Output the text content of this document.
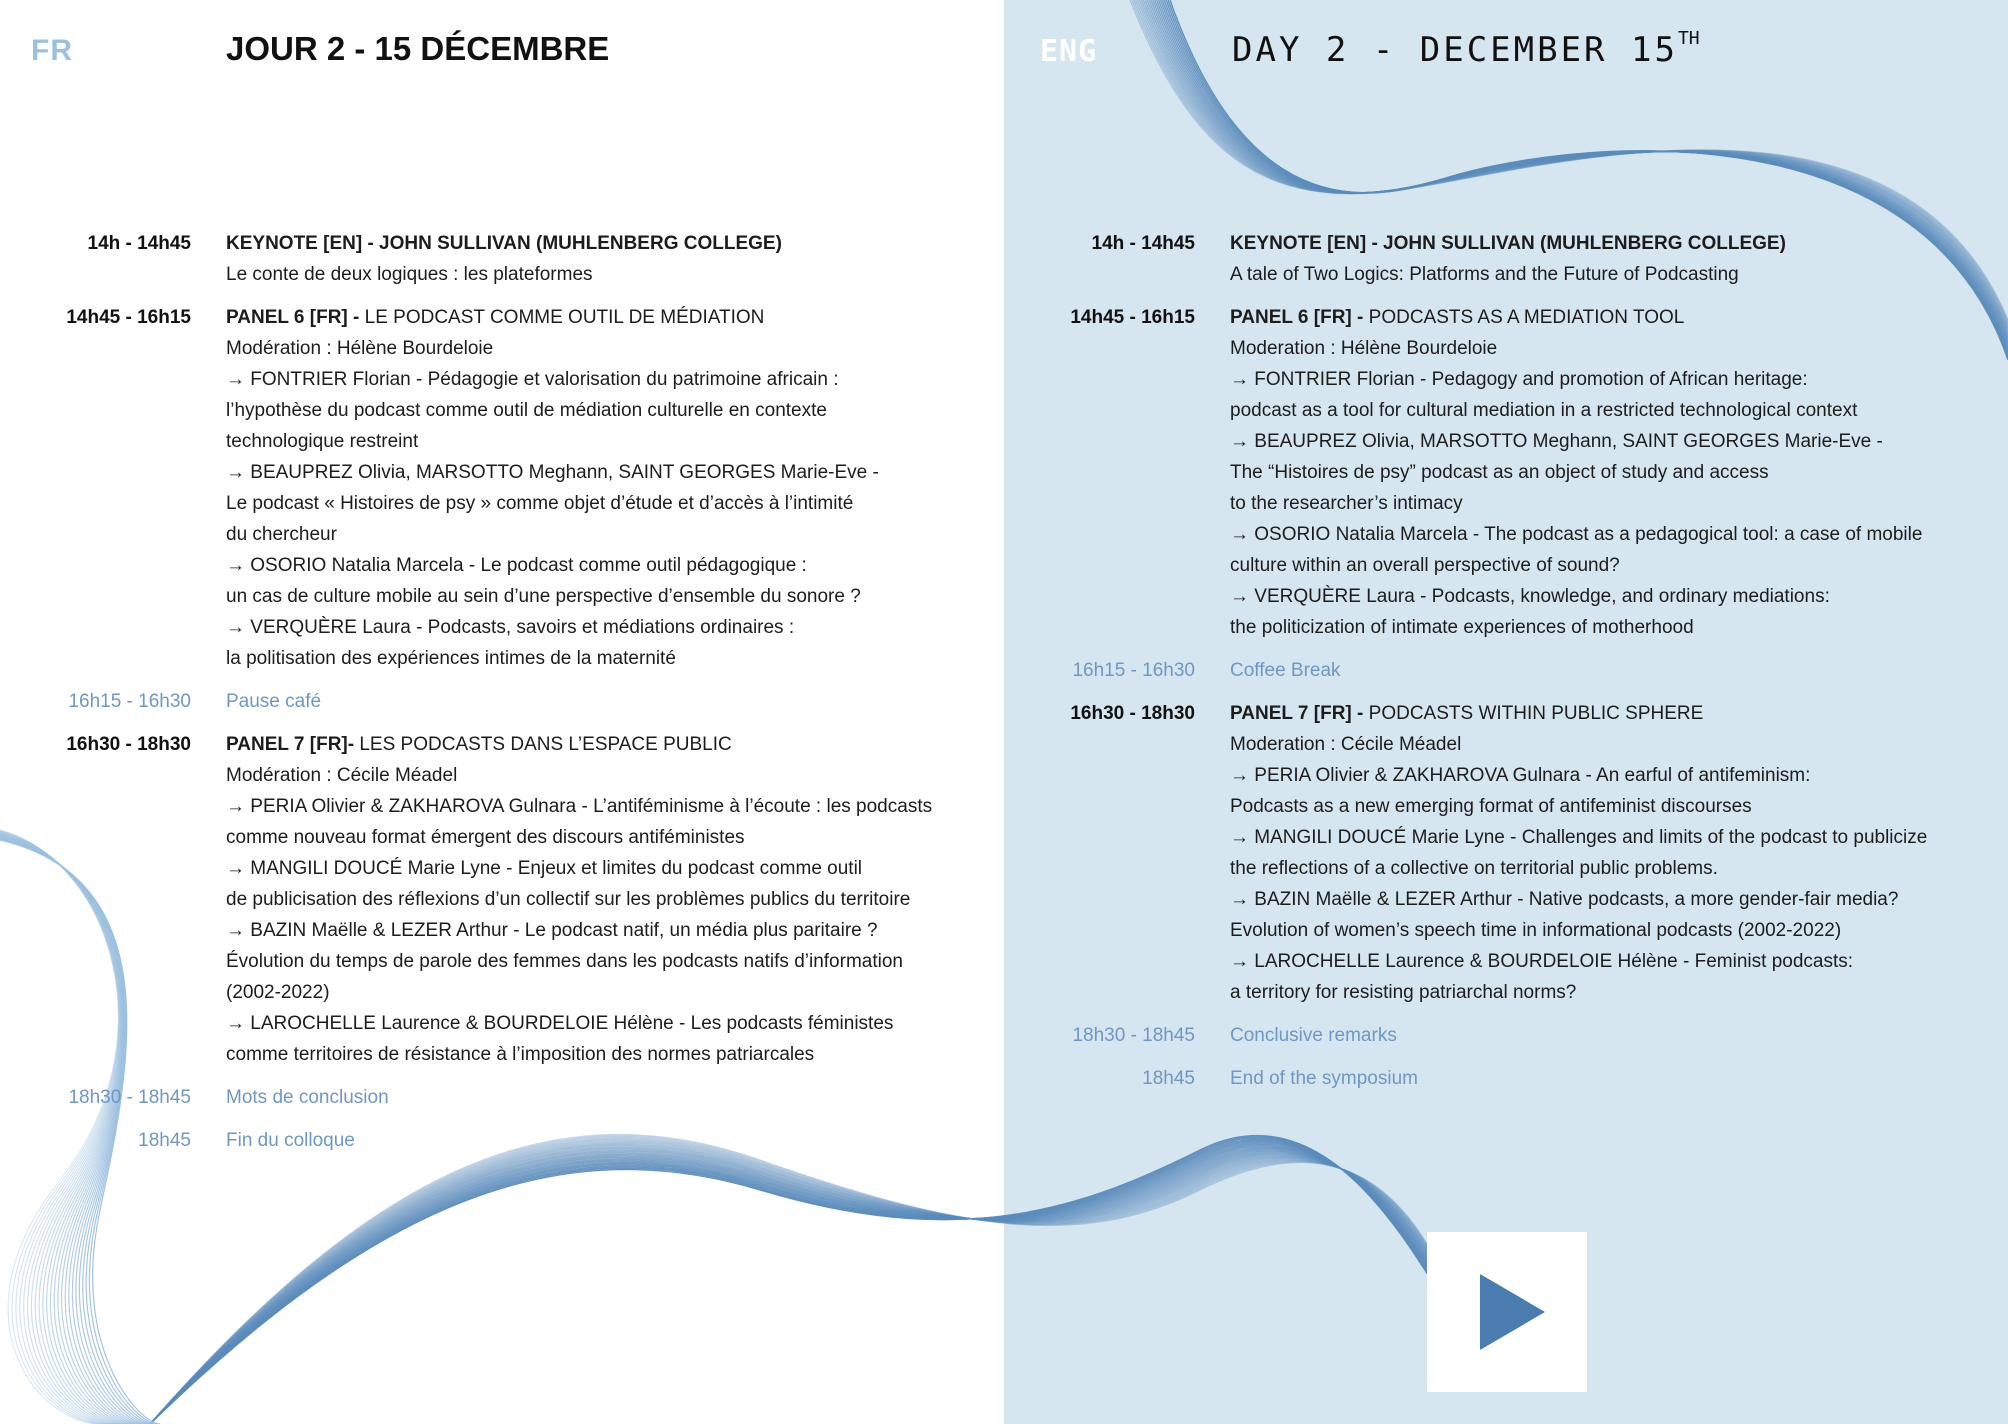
FR	JOUR 2 - 15 DÉCEMBRE
14h - 14h45 KEYNOTE [EN] - JOHN SULLIVAN (MUHLENBERG COLLEGE)
Le conte de deux logiques : les plateformes
14h45 - 16h15 PANEL 6 [FR] - LE PODCAST COMME OUTIL DE MÉDIATION
Modération : Hélène Bourdeloie
→ FONTRIER Florian - Pédagogie et valorisation du patrimoine africain :
l’hypothèse du podcast comme outil de médiation culturelle en contexte
technologique restreint
→ BEAUPREZ Olivia, MARSOTTO Meghann, SAINT GEORGES Marie-Eve -
Le podcast « Histoires de psy » comme objet d’étude et d’accès à l’intimité
du chercheur
→ OSORIO Natalia Marcela - Le podcast comme outil pédagogique :
un cas de culture mobile au sein d’une perspective d’ensemble du sonore ?
→ VERQUÈRE Laura - Podcasts, savoirs et médiations ordinaires :
la politisation des expériences intimes de la maternité
16h15 - 16h30 Pause café
16h30 - 18h30 PANEL 7 [FR]- LES PODCASTS DANS L’ESPACE PUBLIC
Modération : Cécile Méadel
→ PERIA Olivier & ZAKHAROVA Gulnara - L’antiféminisme à l’écoute : les podcasts
comme nouveau format émergent des discours antiféministes
→ MANGILI DOUCÉ Marie Lyne - Enjeux et limites du podcast comme outil
de publicisation des réflexions d’un collectif sur les problèmes publics du territoire
→ BAZIN Maëlle & LEZER Arthur - Le podcast natif, un média plus paritaire ?
Évolution du temps de parole des femmes dans les podcasts natifs d’information
(2002-2022)
→ LAROCHELLE Laurence & BOURDELOIE Hélène - Les podcasts féministes
comme territoires de résistance à l’imposition des normes patriarcales
18h30 - 18h45 Mots de conclusion
18h45 Fin du colloque
ENG	DAY 2 - DECEMBER 15TH
14h - 14h45 KEYNOTE [EN] - JOHN SULLIVAN (MUHLENBERG COLLEGE)
A tale of Two Logics: Platforms and the Future of Podcasting
14h45 - 16h15 PANEL 6 [FR] - PODCASTS AS A MEDIATION TOOL
Moderation : Hélène Bourdeloie
→ FONTRIER Florian - Pedagogy and promotion of African heritage:
podcast as a tool for cultural mediation in a restricted technological context
→ BEAUPREZ Olivia, MARSOTTO Meghann, SAINT GEORGES Marie-Eve -
The “Histoires de psy” podcast as an object of study and access
to the researcher’s intimacy
→ OSORIO Natalia Marcela - The podcast as a pedagogical tool: a case of mobile
culture within an overall perspective of sound?
→ VERQUÈRE Laura - Podcasts, knowledge, and ordinary mediations:
the politicization of intimate experiences of motherhood
16h15 - 16h30 Coffee Break
16h30 - 18h30 PANEL 7 [FR] - PODCASTS WITHIN PUBLIC SPHERE
Moderation : Cécile Méadel
→ PERIA Olivier & ZAKHAROVA Gulnara - An earful of antifeminism:
Podcasts as a new emerging format of antifeminist discourses
→ MANGILI DOUCÉ Marie Lyne - Challenges and limits of the podcast to publicize
the reflections of a collective on territorial public problems.
→ BAZIN Maëlle & LEZER Arthur - Native podcasts, a more gender-fair media?
Evolution of women’s speech time in informational podcasts (2002-2022)
→ LAROCHELLE Laurence & BOURDELOIE Hélène - Feminist podcasts:
a territory for resisting patriarchal norms?
18h30 - 18h45 Conclusive remarks
18h45 End of the symposium
